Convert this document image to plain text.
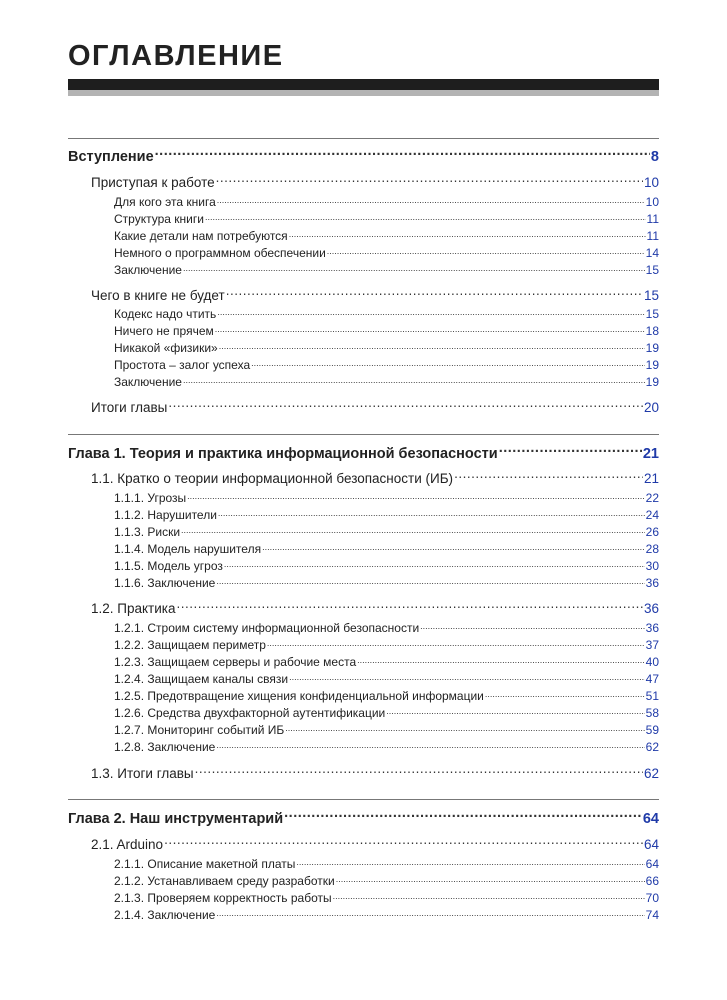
ОГЛАВЛЕНИЕ
Вступление .....	8
Приступая к работе .....	10
Для кого эта книга .....	10
Структура книги .....	11
Какие детали нам потребуются .....	11
Немного о программном обеспечении .....	14
Заключение .....	15
Чего в книге не будет .....	15
Кодекс надо чтить .....	15
Ничего не прячем .....	18
Никакой «физики» .....	19
Простота – залог успеха .....	19
Заключение .....	19
Итоги главы .....	20
Глава 1. Теория и практика информационной безопасности .....	21
1.1. Кратко о теории информационной безопасности (ИБ) .....	21
1.1.1. Угрозы .....	22
1.1.2. Нарушители .....	24
1.1.3. Риски .....	26
1.1.4. Модель нарушителя .....	28
1.1.5. Модель угроз .....	30
1.1.6. Заключение .....	36
1.2. Практика .....	36
1.2.1. Строим систему информационной безопасности .....	36
1.2.2. Защищаем периметр .....	37
1.2.3. Защищаем серверы и рабочие места .....	40
1.2.4. Защищаем каналы связи .....	47
1.2.5. Предотвращение хищения конфиденциальной информации .....	51
1.2.6. Средства двухфакторной аутентификации .....	58
1.2.7. Мониторинг событий ИБ .....	59
1.2.8. Заключение .....	62
1.3. Итоги главы .....	62
Глава 2. Наш инструментарий .....	64
2.1. Arduino .....	64
2.1.1. Описание макетной платы .....	64
2.1.2. Устанавливаем среду разработки .....	66
2.1.3. Проверяем корректность работы .....	70
2.1.4. Заключение .....	74
